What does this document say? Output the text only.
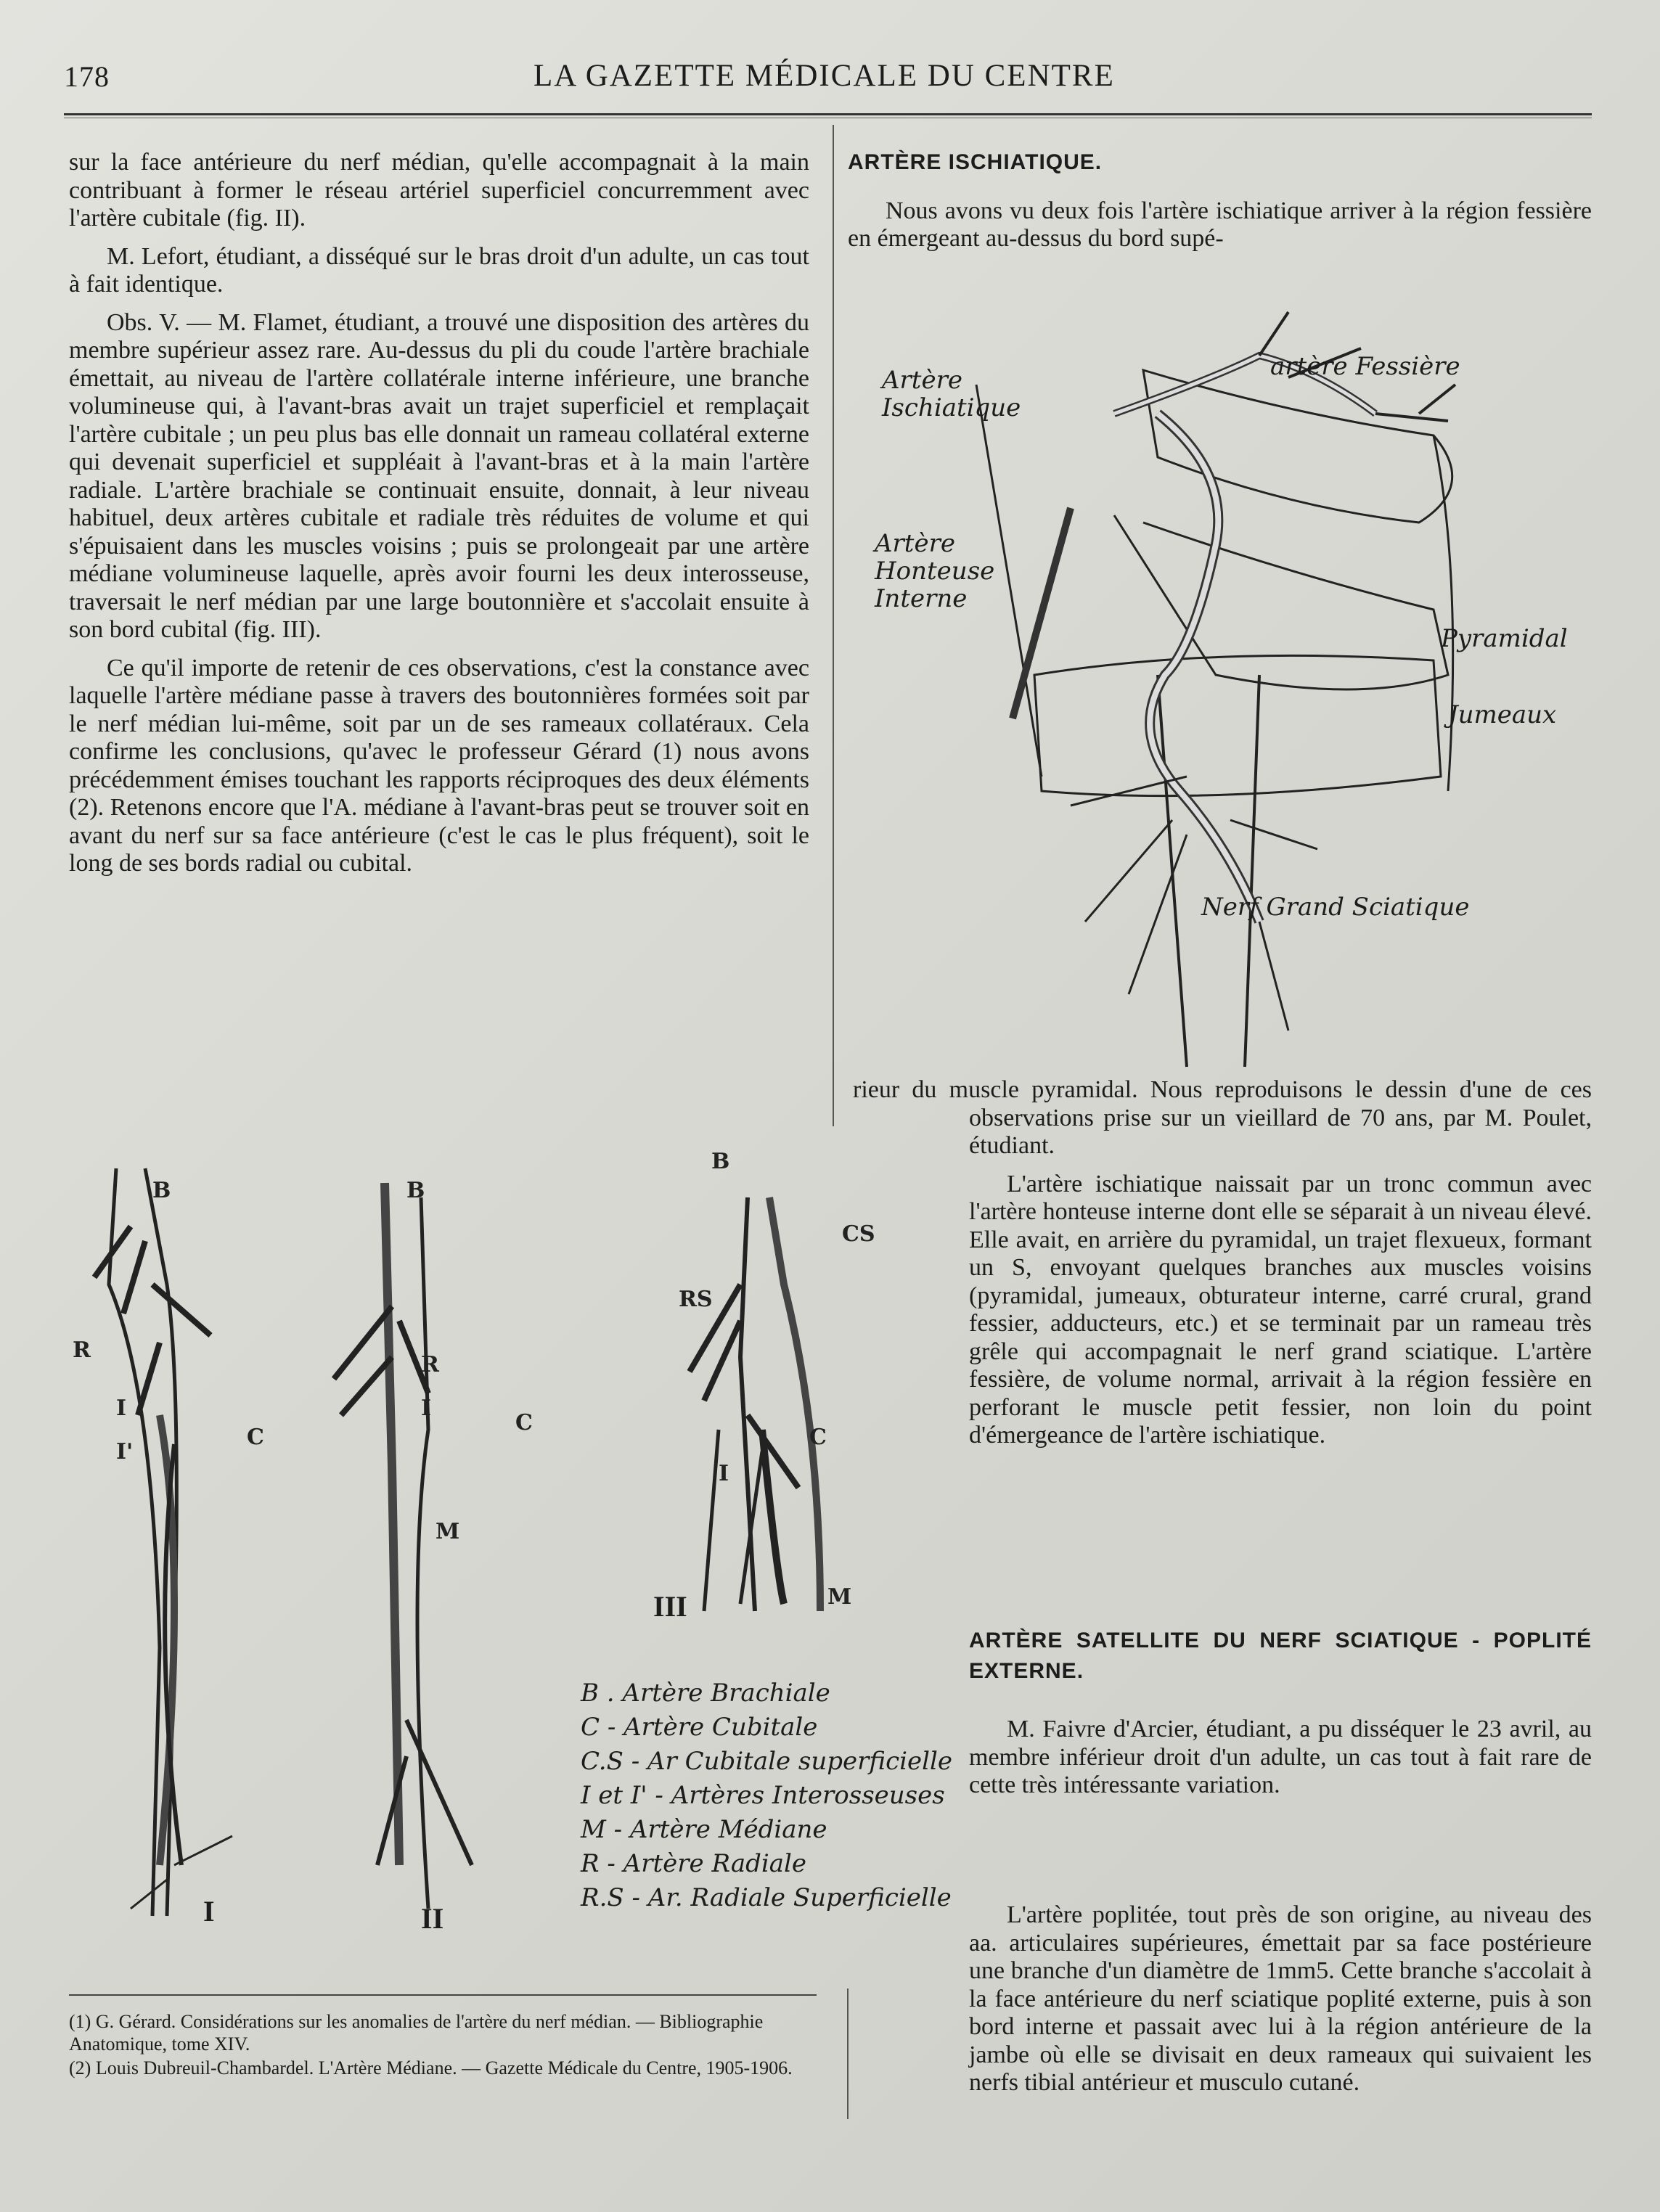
178	LA GAZETTE MÉDICALE DU CENTRE

sur la face antérieure du nerf médian, qu'elle accompagnait à la main contribuant à former le réseau artériel superficiel concurremment avec l'artère cubitale (fig. II).

M. Lefort, étudiant, a disséqué sur le bras droit d'un adulte, un cas tout à fait identique.

Obs. V. — M. Flamet, étudiant, a trouvé une disposition des artères du membre supérieur assez rare. Au-dessus du pli du coude l'artère brachiale émettait, au niveau de l'artère collatérale interne inférieure, une branche volumineuse qui, à l'avant-bras avait un trajet superficiel et remplaçait l'artère cubitale ; un peu plus bas elle donnait un rameau collatéral externe qui devenait superficiel et suppléait à l'avant-bras et à la main l'artère radiale. L'artère brachiale se continuait ensuite, donnait, à leur niveau habituel, deux artères cubitale et radiale très réduites de volume et qui s'épuisaient dans les muscles voisins ; puis se prolongeait par une artère médiane volumineuse laquelle, après avoir fourni les deux interosseuse, traversait le nerf médian par une large boutonnière et s'accolait ensuite à son bord cubital (fig. III).

Ce qu'il importe de retenir de ces observations, c'est la constance avec laquelle l'artère médiane passe à travers des boutonnières formées soit par le nerf médian lui-même, soit par un de ses rameaux collatéraux. Cela confirme les conclusions, qu'avec le professeur Gérard (1) nous avons précédemment émises touchant les rapports réciproques des deux éléments (2). Retenons encore que l'A. médiane à l'avant-bras peut se trouver soit en avant du nerf sur sa face antérieure (c'est le cas le plus fréquent), soit le long de ses bords radial ou cubital.

ARTÈRE ISCHIATIQUE.

Nous avons vu deux fois l'artère ischiatique arriver à la région fessière en émergeant au-dessus du bord supé-

Artère Ischiatique
artère Fessière
Artère Honteuse Interne
Pyramidal
Jumeaux
Nerf Grand Sciatique

rieur du muscle pyramidal. Nous reproduisons le dessin d'une de ces observations prise sur un vieillard de 70 ans, par M. Poulet, étudiant.

L'artère ischiatique naissait par un tronc commun avec l'artère honteuse interne dont elle se séparait à un niveau élevé. Elle avait, en arrière du pyramidal, un trajet flexueux, formant un S, envoyant quelques branches aux muscles voisins (pyramidal, jumeaux, obturateur interne, carré crural, grand fessier, adducteurs, etc.) et se terminait par un rameau très grêle qui accompagnait le nerf grand sciatique. L'artère fessière, de volume normal, arrivait à la région fessière en perforant le muscle petit fessier, non loin du point d'émergeance de l'artère ischiatique.

ARTÈRE SATELLITE DU NERF SCIATIQUE - POPLITÉ EXTERNE.

M. Faivre d'Arcier, étudiant, a pu disséquer le 23 avril, au membre inférieur droit d'un adulte, un cas tout à fait rare de cette très intéressante variation.

L'artère poplitée, tout près de son origine, au niveau des aa. articulaires supérieures, émettait par sa face postérieure une branche d'un diamètre de 1mm5. Cette branche s'accolait à la face antérieure du nerf sciatique poplité externe, puis à son bord interne et passait avec lui à la région antérieure de la jambe où elle se divisait en deux rameaux qui suivaient les nerfs tibial antérieur et musculo cutané.

B
R
I
I'
C
B
R
I
C
M
B
CS
RS
I
C
M
I	II
III
B . Artère Brachiale
C - Artère Cubitale
C.S - Ar Cubitale superficielle
I et I' - Artères Interosseuses
M - Artère Médiane
R - Artère Radiale
R.S - Ar. Radiale Superficielle

(1) G. Gérard. Considérations sur les anomalies de l'artère du nerf médian. — Bibliographie Anatomique, tome XIV.

(2) Louis Dubreuil-Chambardel. L'Artère Médiane. — Gazette Médicale du Centre, 1905-1906.
